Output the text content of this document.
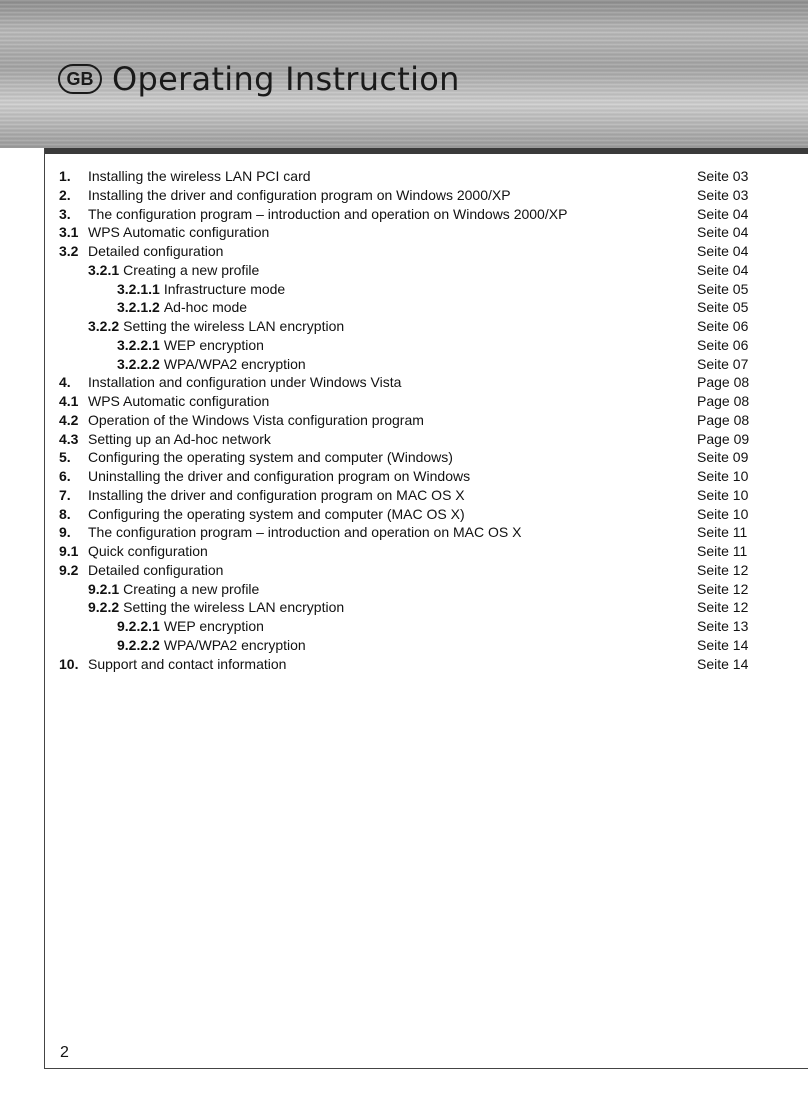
GB Operating Instruction
1.	Installing the wireless LAN PCI card	Seite 03
2.	Installing the driver and configuration program on Windows 2000/XP	Seite 03
3.	The configuration program – introduction and operation on Windows 2000/XP	Seite 04
3.1 WPS Automatic configuration	Seite 04
3.2 Detailed configuration	Seite 04
3.2.1 Creating a new profile	Seite 04
3.2.1.1 Infrastructure mode	Seite 05
3.2.1.2 Ad-hoc mode	Seite 05
3.2.2 Setting the wireless LAN encryption	Seite 06
3.2.2.1 WEP encryption	Seite 06
3.2.2.2 WPA/WPA2 encryption	Seite 07
4.	Installation and configuration under Windows Vista	Page 08
4.1 WPS Automatic configuration	Page 08
4.2 Operation of the Windows Vista configuration program	Page 08
4.3 Setting up an Ad-hoc network	Page 09
5.	Configuring the operating system and computer (Windows)	Seite 09
6.	Uninstalling the driver and configuration program on Windows	Seite 10
7.	Installing the driver and configuration program on MAC OS X	Seite 10
8.	Configuring the operating system and computer (MAC OS X)	Seite 10
9.	The configuration program – introduction and operation on MAC OS X	Seite 11
9.1 Quick configuration	Seite 11
9.2 Detailed configuration	Seite 12
9.2.1 Creating a new profile	Seite 12
9.2.2 Setting the wireless LAN encryption	Seite 12
9.2.2.1 WEP encryption	Seite 13
9.2.2.2 WPA/WPA2 encryption	Seite 14
10. Support and contact information	Seite 14
2
